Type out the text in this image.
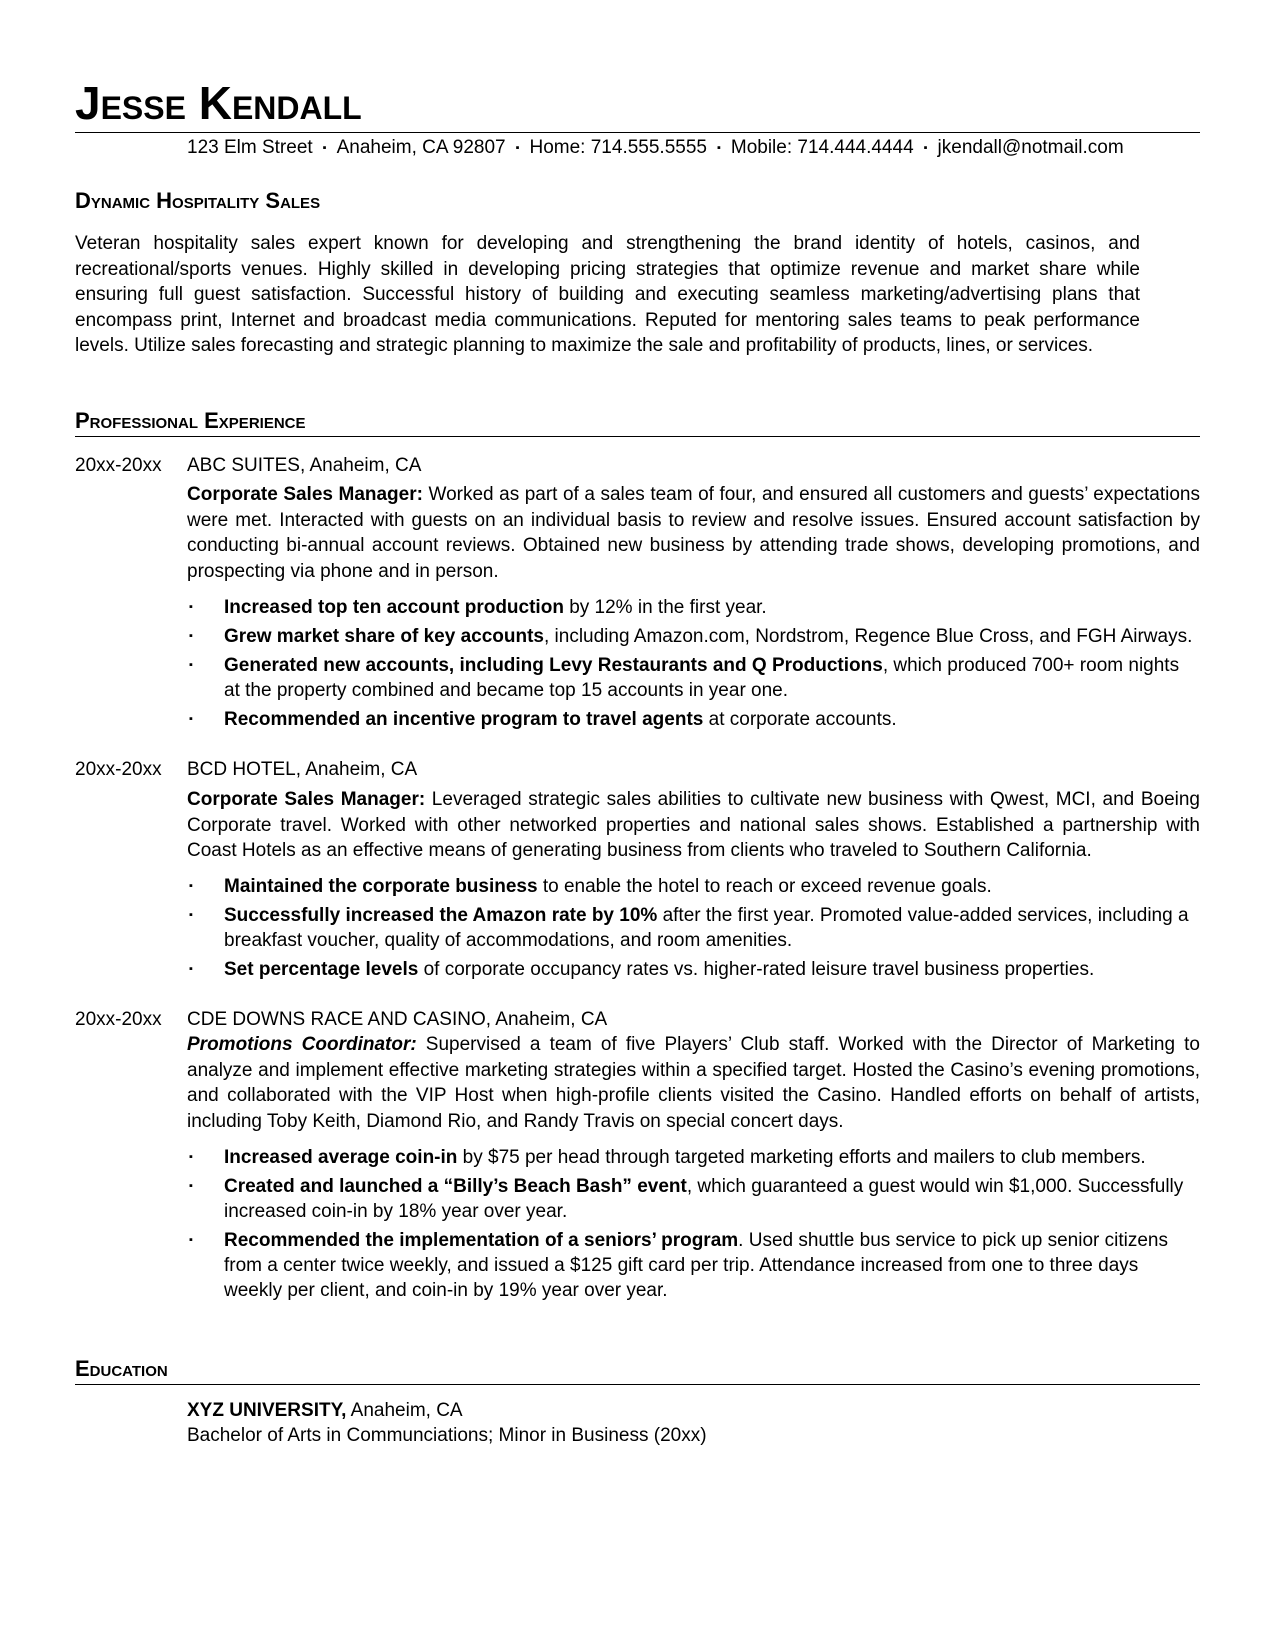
Jesse Kendall
123 Elm Street ▪ Anaheim, CA 92807 ▪ Home: 714.555.5555 ▪ Mobile: 714.444.4444 ▪ jkendall@notmail.com
Dynamic Hospitality Sales
Veteran hospitality sales expert known for developing and strengthening the brand identity of hotels, casinos, and recreational/sports venues. Highly skilled in developing pricing strategies that optimize revenue and market share while ensuring full guest satisfaction. Successful history of building and executing seamless marketing/advertising plans that encompass print, Internet and broadcast media communications. Reputed for mentoring sales teams to peak performance levels. Utilize sales forecasting and strategic planning to maximize the sale and profitability of products, lines, or services.
Professional Experience
20xx-20xx ABC SUITES, Anaheim, CA
Corporate Sales Manager: Worked as part of a sales team of four, and ensured all customers and guests’ expectations were met. Interacted with guests on an individual basis to review and resolve issues. Ensured account satisfaction by conducting bi-annual account reviews. Obtained new business by attending trade shows, developing promotions, and prospecting via phone and in person.
▪ Increased top ten account production by 12% in the first year.
▪ Grew market share of key accounts, including Amazon.com, Nordstrom, Regence Blue Cross, and FGH Airways.
▪ Generated new accounts, including Levy Restaurants and Q Productions, which produced 700+ room nights at the property combined and became top 15 accounts in year one.
▪ Recommended an incentive program to travel agents at corporate accounts.
20xx-20xx BCD HOTEL, Anaheim, CA
Corporate Sales Manager: Leveraged strategic sales abilities to cultivate new business with Qwest, MCI, and Boeing Corporate travel. Worked with other networked properties and national sales shows. Established a partnership with Coast Hotels as an effective means of generating business from clients who traveled to Southern California.
▪ Maintained the corporate business to enable the hotel to reach or exceed revenue goals.
▪ Successfully increased the Amazon rate by 10% after the first year. Promoted value-added services, including a breakfast voucher, quality of accommodations, and room amenities.
▪ Set percentage levels of corporate occupancy rates vs. higher-rated leisure travel business properties.
20xx-20xx CDE DOWNS RACE AND CASINO, Anaheim, CA
Promotions Coordinator: Supervised a team of five Players’ Club staff. Worked with the Director of Marketing to analyze and implement effective marketing strategies within a specified target. Hosted the Casino’s evening promotions, and collaborated with the VIP Host when high-profile clients visited the Casino. Handled efforts on behalf of artists, including Toby Keith, Diamond Rio, and Randy Travis on special concert days.
▪ Increased average coin-in by $75 per head through targeted marketing efforts and mailers to club members.
▪ Created and launched a “Billy’s Beach Bash” event, which guaranteed a guest would win $1,000. Successfully increased coin-in by 18% year over year.
▪ Recommended the implementation of a seniors’ program. Used shuttle bus service to pick up senior citizens from a center twice weekly, and issued a $125 gift card per trip. Attendance increased from one to three days weekly per client, and coin-in by 19% year over year.
Education
XYZ UNIVERSITY, Anaheim, CA
Bachelor of Arts in Communciations; Minor in Business (20xx)
